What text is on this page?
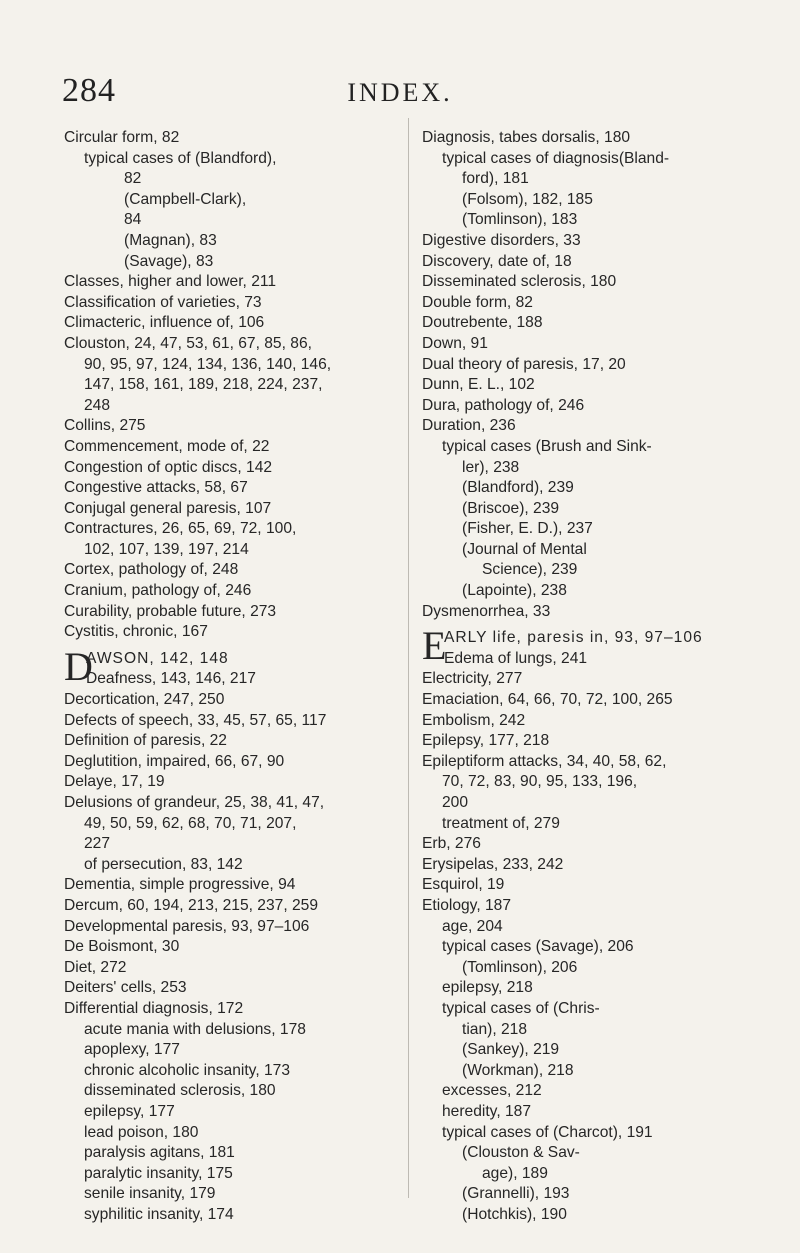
284	INDEX.
Circular form, 82
typical cases of (Blandford),
82
(Campbell-Clark),
84
(Magnan), 83
(Savage), 83
Classes, higher and lower, 211
Classification of varieties, 73
Climacteric, influence of, 106
Clouston, 24, 47, 53, 61, 67, 85, 86,
90, 95, 97, 124, 134, 136, 140, 146,
147, 158, 161, 189, 218, 224, 237,
248
Collins, 275
Commencement, mode of, 22
Congestion of optic discs, 142
Congestive attacks, 58, 67
Conjugal general paresis, 107
Contractures, 26, 65, 69, 72, 100,
102, 107, 139, 197, 214
Cortex, pathology of, 248
Cranium, pathology of, 246
Curability, probable future, 273
Cystitis, chronic, 167
D
AWSON, 142, 148
Deafness, 143, 146, 217
Decortication, 247, 250
Defects of speech, 33, 45, 57, 65, 117
Definition of paresis, 22
Deglutition, impaired, 66, 67, 90
Delaye, 17, 19
Delusions of grandeur, 25, 38, 41, 47,
49, 50, 59, 62, 68, 70, 71, 207,
227
of persecution, 83, 142
Dementia, simple progressive, 94
Dercum, 60, 194, 213, 215, 237, 259
Developmental paresis, 93, 97–106
De Boismont, 30
Diet, 272
Deiters' cells, 253
Differential diagnosis, 172
acute mania with delusions, 178
apoplexy, 177
chronic alcoholic insanity, 173
disseminated sclerosis, 180
epilepsy, 177
lead poison, 180
paralysis agitans, 181
paralytic insanity, 175
senile insanity, 179
syphilitic insanity, 174
Diagnosis, tabes dorsalis, 180
typical cases of diagnosis(Bland-
ford), 181
(Folsom), 182, 185
(Tomlinson), 183
Digestive disorders, 33
Discovery, date of, 18
Disseminated sclerosis, 180
Double form, 82
Doutrebente, 188
Down, 91
Dual theory of paresis, 17, 20
Dunn, E. L., 102
Dura, pathology of, 246
Duration, 236
typical cases (Brush and Sink-
ler), 238
(Blandford), 239
(Briscoe), 239
(Fisher, E. D.), 237
(Journal of Mental
Science), 239
(Lapointe), 238
Dysmenorrhea, 33
E
ARLY life, paresis in, 93, 97–106
Edema of lungs, 241
Electricity, 277
Emaciation, 64, 66, 70, 72, 100, 265
Embolism, 242
Epilepsy, 177, 218
Epileptiform attacks, 34, 40, 58, 62,
70, 72, 83, 90, 95, 133, 196,
200
treatment of, 279
Erb, 276
Erysipelas, 233, 242
Esquirol, 19
Etiology, 187
age, 204
typical cases (Savage), 206
(Tomlinson), 206
epilepsy, 218
typical cases of (Chris-
tian), 218
(Sankey), 219
(Workman), 218
excesses, 212
heredity, 187
typical cases of (Charcot), 191
(Clouston & Sav-
age), 189
(Grannelli), 193
(Hotchkis), 190
